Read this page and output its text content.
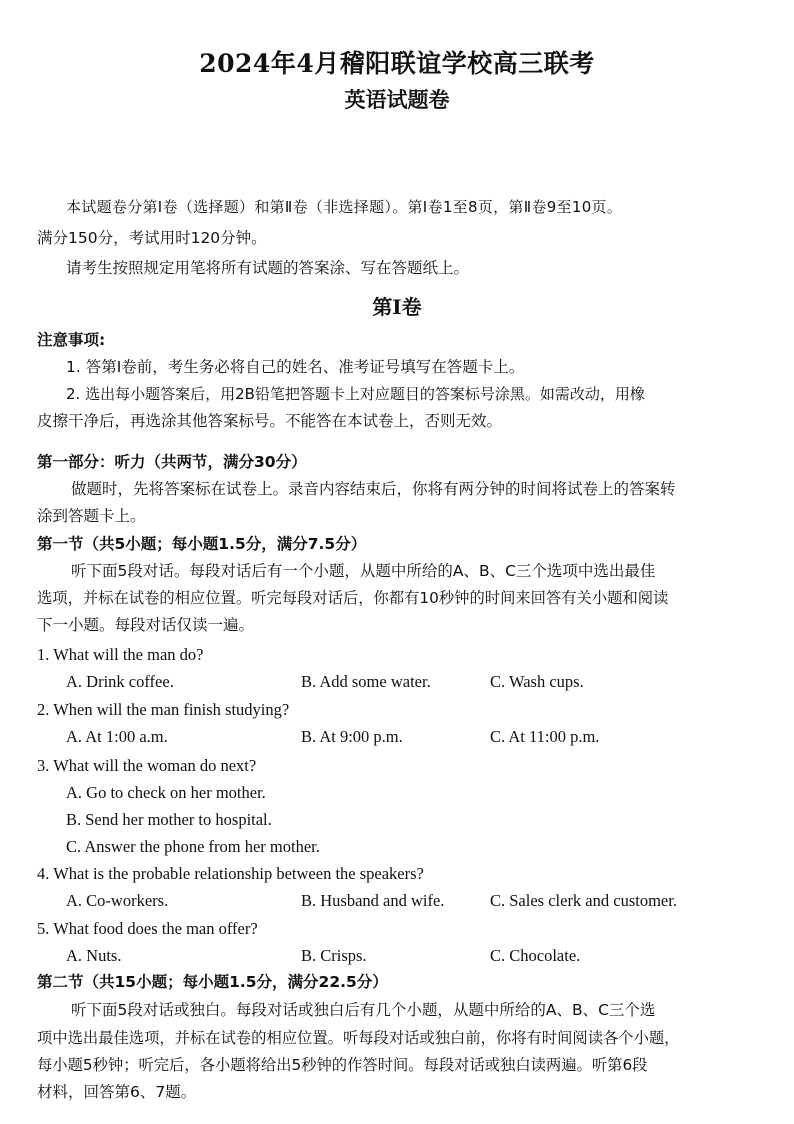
2024年4月稽阳联谊学校高三联考
英语试题卷
本试题卷分第Ⅰ卷（选择题）和第Ⅱ卷（非选择题）。第Ⅰ卷1至8页，第Ⅱ卷9至10页。
满分150分，考试用时120分钟。
请考生按照规定用笔将所有试题的答案涂、写在答题纸上。
第Ⅰ卷
注意事项:
1. 答第Ⅰ卷前，考生务必将自己的姓名、准考证号填写在答题卡上。
2. 选出每小题答案后，用2B铅笔把答题卡上对应题目的答案标号涂黑。如需改动，用橡
皮擦干净后，再选涂其他答案标号。不能答在本试卷上，否则无效。
第一部分：听力（共两节，满分30分）
做题时，先将答案标在试卷上。录音内容结束后，你将有两分钟的时间将试卷上的答案转
涂到答题卡上。
第一节（共5小题；每小题1.5分，满分7.5分）
听下面5段对话。每段对话后有一个小题，从题中所给的A、B、C三个选项中选出最佳
选项，并标在试卷的相应位置。听完每段对话后，你都有10秒钟的时间来回答有关小题和阅读
下一小题。每段对话仅读一遍。
1. What will the man do?
A. Drink coffee.	B. Add some water.	C. Wash cups.
2. When will the man finish studying?
A. At 1:00 a.m.	B. At 9:00 p.m.	C. At 11:00 p.m.
3. What will the woman do next?
A. Go to check on her mother.
B. Send her mother to hospital.
C. Answer the phone from her mother.
4. What is the probable relationship between the speakers?
A. Co-workers.	B. Husband and wife.	C. Sales clerk and customer.
5. What food does the man offer?
A. Nuts.	B. Crisps.	C. Chocolate.
第二节（共15小题；每小题1.5分，满分22.5分）
听下面5段对话或独白。每段对话或独白后有几个小题，从题中所给的A、B、C三个选
项中选出最佳选项，并标在试卷的相应位置。听每段对话或独白前，你将有时间阅读各个小题，
每小题5秒钟；听完后，各小题将给出5秒钟的作答时间。每段对话或独白读两遍。听第6段
材料，回答第6、7题。
